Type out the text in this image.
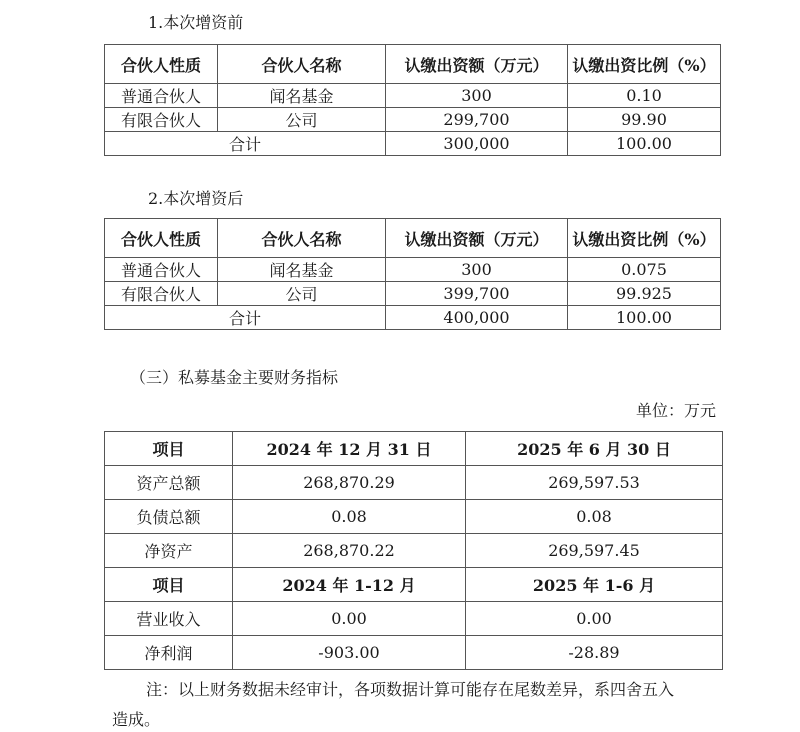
1.本次增资前
合伙人性质	合伙人名称	认缴出资额（万元）	认缴出资比例（%）
普通合伙人	闻名基金	300	0.10
有限合伙人	公司	299,700	99.90
合计		300,000	100.00
2.本次增资后
合伙人性质	合伙人名称	认缴出资额（万元）	认缴出资比例（%）
普通合伙人	闻名基金	300	0.075
有限合伙人	公司	399,700	99.925
合计		400,000	100.00
（三）私募基金主要财务指标
单位：万元
项目	2024 年 12 月 31 日	2025 年 6 月 30 日
资产总额	268,870.29	269,597.53
负债总额	0.08	0.08
净资产	268,870.22	269,597.45
项目	2024 年 1-12 月	2025 年 1-6 月
营业收入	0.00	0.00
净利润	-903.00	-28.89
注：以上财务数据未经审计，各项数据计算可能存在尾数差异，系四舍五入
造成。
